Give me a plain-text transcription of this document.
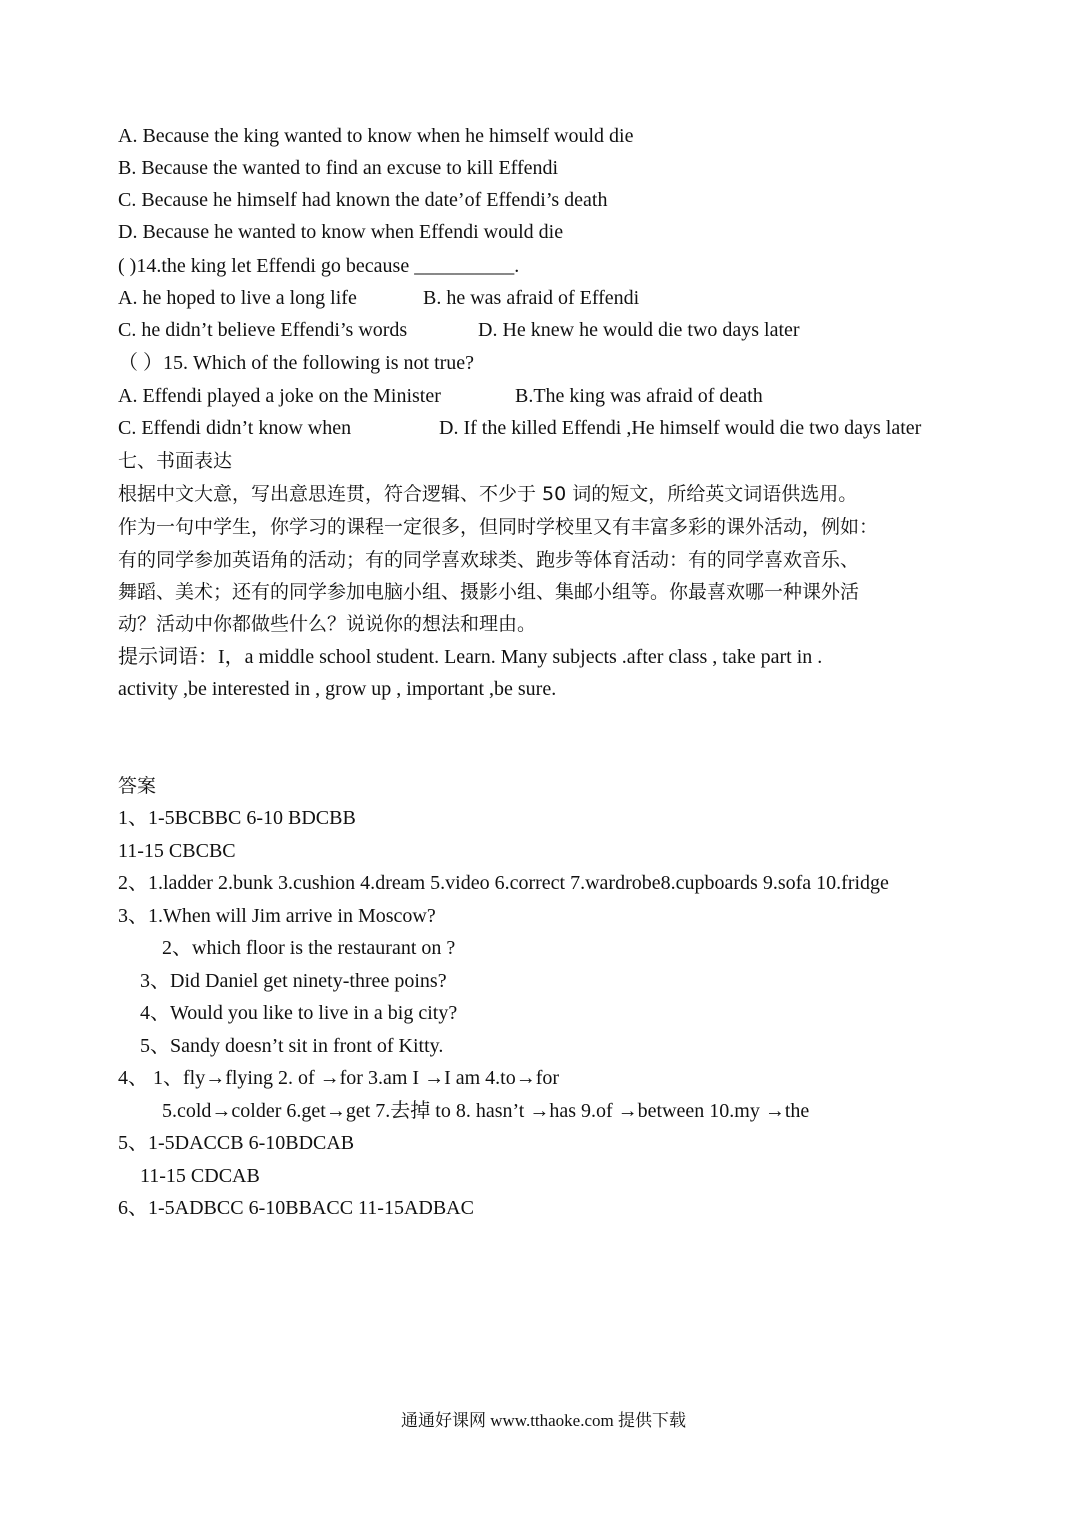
A. Because the king wanted to know when he himself would die
B. Because the wanted to find an excuse to kill Effendi
C. Because he himself had known the date’of Effendi’s death
D. Because he wanted to know when Effendi would die
( )14.the king let Effendi go because __________.
A. he hoped to live a long life	B. he was afraid of Effendi
C. he didn’t believe Effendi’s words	D. He knew he would die two days later
（ ）15. Which of the following is not true?
A. Effendi played a joke on the Minister	B.The king was afraid of death
C. Effendi didn’t know when	D. If the killed Effendi ,He himself would die two days later
七、书面表达
根据中文大意，写出意思连贯，符合逻辑、不少于 50 词的短文，所给英文词语供选用。
作为一句中学生，你学习的课程一定很多，但同时学校里又有丰富多彩的课外活动，例如：
有的同学参加英语角的活动；有的同学喜欢球类、跑步等体育活动：有的同学喜欢音乐、
舞蹈、美术；还有的同学参加电脑小组、摄影小组、集邮小组等。你最喜欢哪一种课外活
动？活动中你都做些什么？说说你的想法和理由。
提示词语：I，a middle school student. Learn. Many subjects .after class , take part in .
activity ,be interested in , grow up , important ,be sure.
答案
1、1-5BCBBC 6-10 BDCBB
11-15 CBCBC
2、1.ladder 2.bunk 3.cushion 4.dream 5.video 6.correct 7.wardrobe8.cupboards 9.sofa 10.fridge
3、1.When will Jim arrive in Moscow?
2、which floor is the restaurant on ?
3、Did Daniel get ninety-three poins?
4、Would you like to live in a big city?
5、Sandy doesn’t sit in front of Kitty.
4、 1、fly→flying 2. of →for 3.am I →I am 4.to→for
5.cold→colder 6.get→get 7.去掉 to 8. hasn’t →has 9.of →between 10.my →the
5、1-5DACCB 6-10BDCAB
11-15 CDCAB
6、1-5ADBCC 6-10BBACC 11-15ADBAC
通通好课网 www.tthaoke.com 提供下载
